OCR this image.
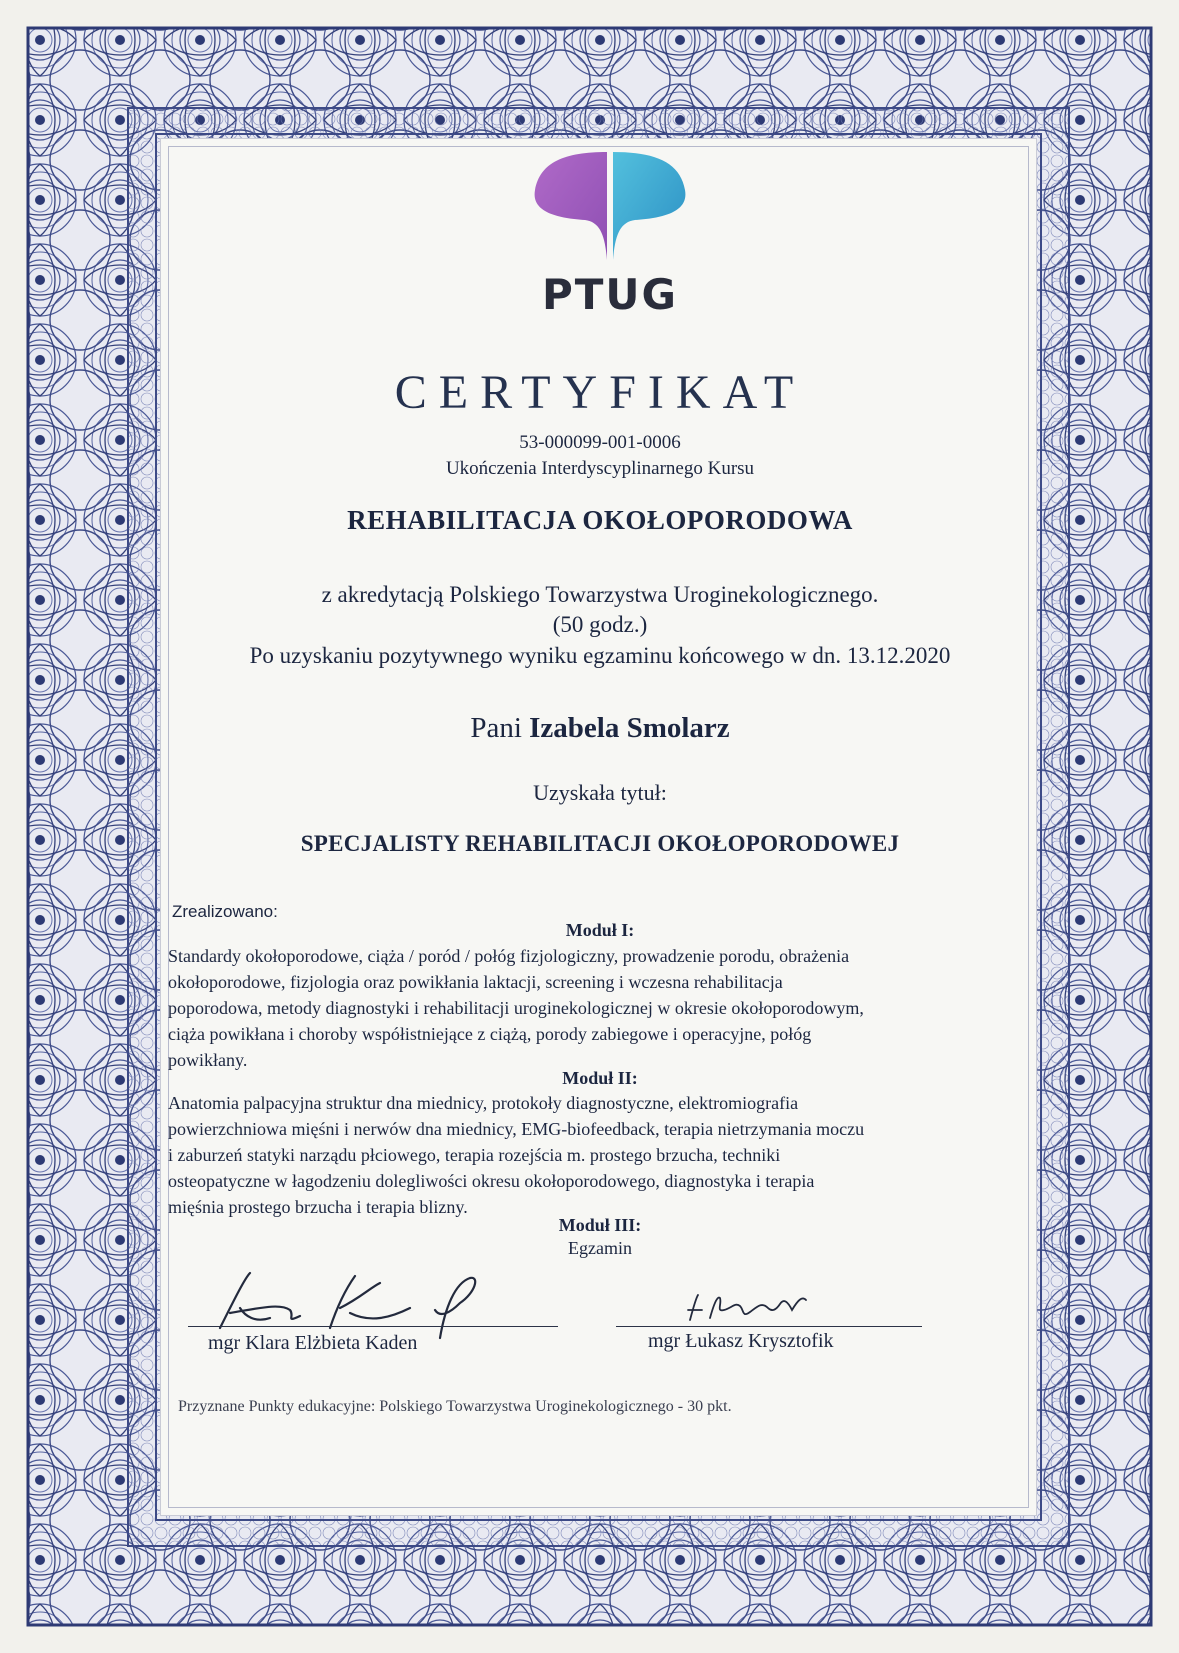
PTUG
CERTYFIKAT
53-000099-001-0006
Ukończenia Interdyscyplinarnego Kursu
REHABILITACJA OKOŁOPORODOWA
z akredytacją Polskiego Towarzystwa Uroginekologicznego.
(50 godz.)
Po uzyskaniu pozytywnego wyniku egzaminu końcowego w dn. 13.12.2020
Pani Izabela Smolarz
Uzyskała tytuł:
SPECJALISTY REHABILITACJI OKOŁOPORODOWEJ
Zrealizowano:
Moduł I:
Standardy okołoporodowe, ciąża / poród / połóg fizjologiczny, prowadzenie porodu, obrażenia
okołoporodowe, fizjologia oraz powikłania laktacji, screening i wczesna rehabilitacja
poporodowa, metody diagnostyki i rehabilitacji uroginekologicznej w okresie okołoporodowym,
ciąża powikłana i choroby współistniejące z ciążą, porody zabiegowe i operacyjne, połóg
powikłany.
Moduł II:
Anatomia palpacyjna struktur dna miednicy, protokoły diagnostyczne, elektromiografia
powierzchniowa mięśni i nerwów dna miednicy, EMG-biofeedback, terapia nietrzymania moczu
i zaburzeń statyki narządu płciowego, terapia rozejścia m. prostego brzucha, techniki
osteopatyczne w łagodzeniu dolegliwości okresu okołoporodowego, diagnostyka i terapia
mięśnia prostego brzucha i terapia blizny.
Moduł III:
Egzamin
mgr Klara Elżbieta Kaden	mgr Łukasz Krysztofik
Przyznane Punkty edukacyjne: Polskiego Towarzystwa Uroginekologicznego - 30 pkt.
